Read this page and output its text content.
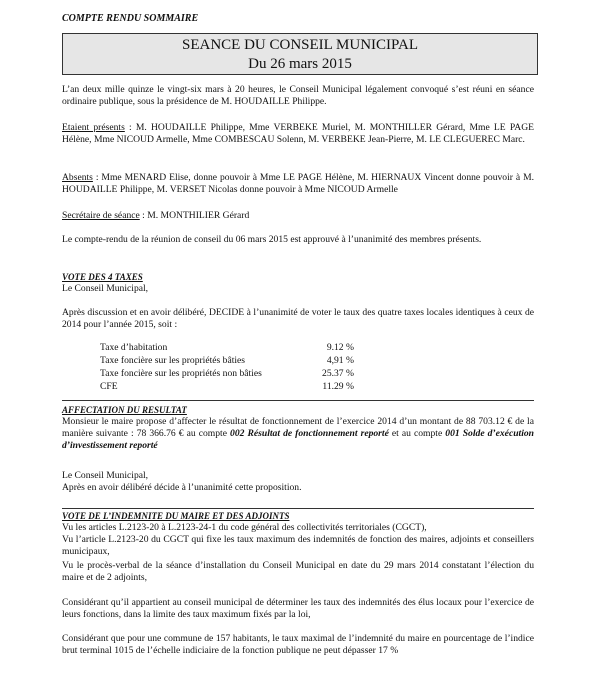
COMPTE RENDU SOMMAIRE
SEANCE DU CONSEIL MUNICIPAL
Du 26 mars 2015

L’an deux mille quinze le vingt-six mars à 20 heures, le Conseil Municipal légalement convoqué s’est réuni en séance ordinaire publique, sous la présidence de M. HOUDAILLE Philippe.

Etaient présents : M. HOUDAILLE Philippe, Mme VERBEKE Muriel, M. MONTHILLER Gérard, Mme LE PAGE Hélène, Mme NICOUD Armelle, Mme COMBESCAU Solenn, M. VERBEKE Jean-Pierre, M. LE CLEGUEREC Marc.

Absents : Mme MENARD Elise, donne pouvoir à Mme LE PAGE Hélène, M. HIERNAUX Vincent donne pouvoir à M. HOUDAILLE Philippe, M. VERSET Nicolas donne pouvoir à Mme NICOUD Armelle

Secrétaire de séance : M. MONTHILIER Gérard

Le compte-rendu de la réunion de conseil du 06 mars 2015 est approuvé à l’unanimité des membres présents.

VOTE DES 4 TAXES

Le Conseil Municipal,

Après discussion et en avoir délibéré, DECIDE à l’unanimité de voter le taux des quatre taxes locales identiques à ceux de 2014 pour l’année 2015, soit :

Taxe d’habitation	9.12 %
Taxe foncière sur les propriétés bâties	4,91 %
Taxe foncière sur les propriétés non bâties	25.37 %
CFE	11.29 %

AFFECTATION DU RESULTAT

Monsieur le maire propose d’affecter le résultat de fonctionnement de l’exercice 2014 d’un montant de 88 703.12 € de la manière suivante : 78 366.76 € au compte 002 Résultat de fonctionnement reporté et au compte 001 Solde d’exécution d’investissement reporté

Le Conseil Municipal,

Après en avoir délibéré décide à l’unanimité cette proposition.

VOTE DE L’INDEMNITE DU MAIRE ET DES ADJOINTS

Vu les articles L.2123-20 à L.2123-24-1 du code général des collectivités territoriales (CGCT),

Vu l’article L.2123-20 du CGCT qui fixe les taux maximum des indemnités de fonction des maires, adjoints et conseillers municipaux,

Vu le procès-verbal de la séance d’installation du Conseil Municipal en date du 29 mars 2014 constatant l’élection du maire et de 2 adjoints,

Considérant qu’il appartient au conseil municipal de déterminer les taux des indemnités des élus locaux pour l’exercice de leurs fonctions, dans la limite des taux maximum fixés par la loi,

Considérant que pour une commune de 157 habitants, le taux maximal de l’indemnité du maire en pourcentage de l’indice brut terminal 1015 de l’échelle indiciaire de la fonction publique ne peut dépasser 17 %
